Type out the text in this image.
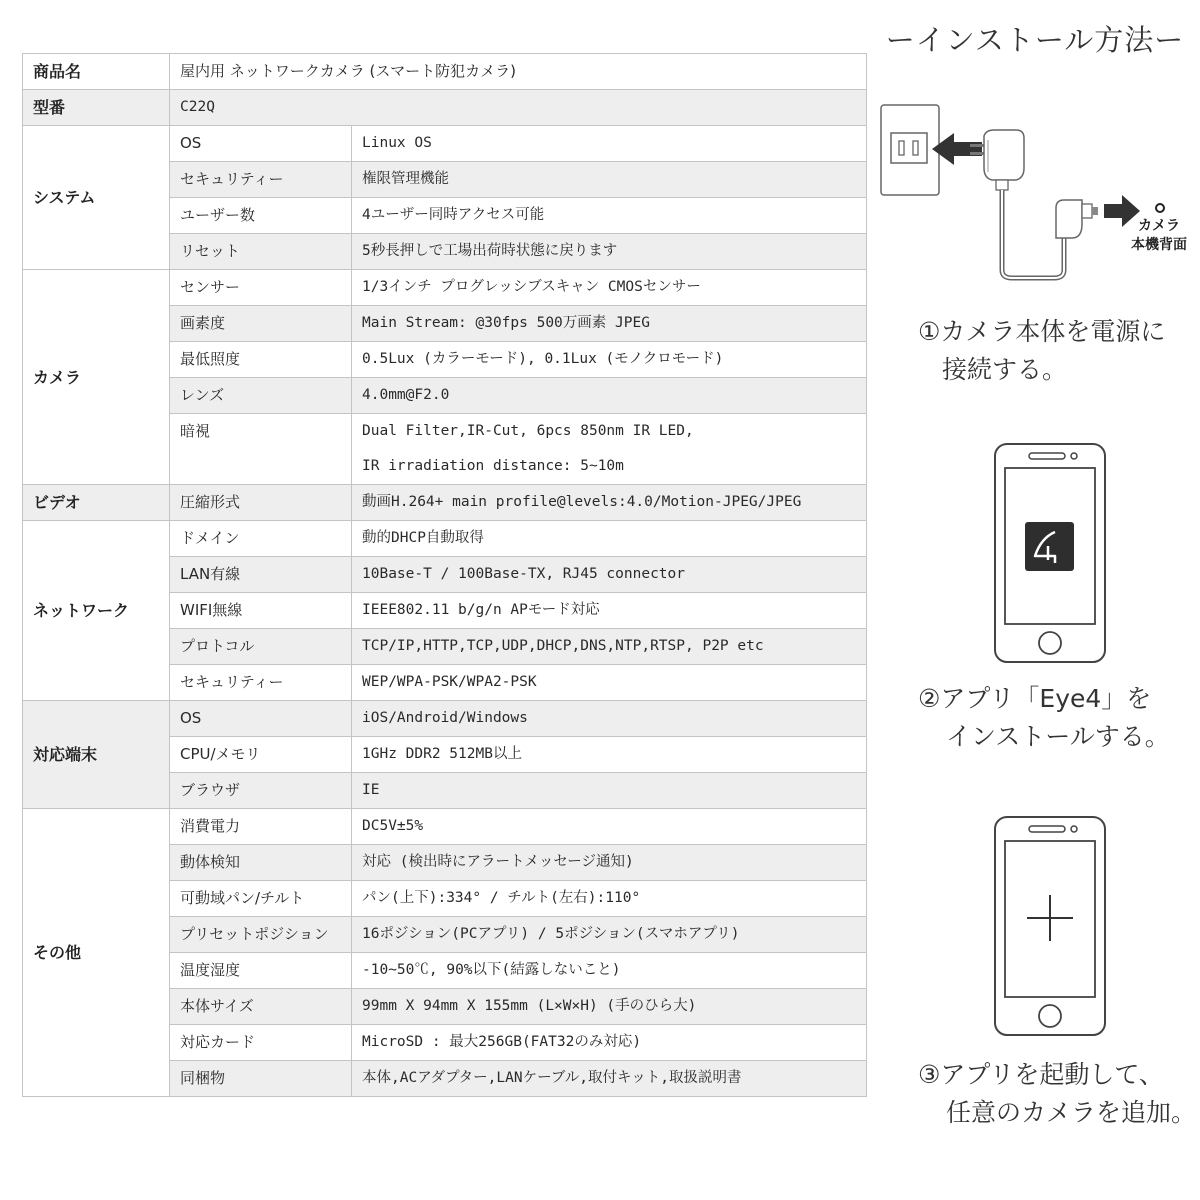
商品名	屋内用 ネットワークカメラ (スマート防犯カメラ)	
型番	C22Q	
システム	OS	Linux OS
	セキュリティー	権限管理機能
	ユーザー数	4ユーザー同時アクセス可能
	リセット	5秒長押しで工場出荷時状態に戻ります
カメラ	センサー	1/3インチ プログレッシブスキャン CMOSセンサー
	画素度	Main Stream: @30fps 500万画素 JPEG
	最低照度	0.5Lux (カラーモード), 0.1Lux (モノクロモード)
	レンズ	4.0mm@F2.0
	暗視	Dual Filter,IR-Cut, 6pcs 850nm IR LED,
		IR irradiation distance: 5~10m
ビデオ	圧縮形式	動画H.264+ main profile@levels:4.0/Motion-JPEG/JPEG
ネットワーク	ドメイン	動的DHCP自動取得
	LAN有線	10Base-T / 100Base-TX, RJ45 connector
	WIFI無線	IEEE802.11 b/g/n APモード対応
	プロトコル	TCP/IP,HTTP,TCP,UDP,DHCP,DNS,NTP,RTSP, P2P etc
	セキュリティー	WEP/WPA-PSK/WPA2-PSK
対応端末	OS	iOS/Android/Windows
	CPU/メモリ	1GHz DDR2 512MB以上
	ブラウザ	IE
その他	消費電力	DC5V±5%
	動体検知	対応 (検出時にアラートメッセージ通知)
	可動域パン/チルト	パン(上下):334° / チルト(左右):110°
	プリセットポジション	16ポジション(PCアプリ) / 5ポジション(スマホアプリ)
	温度湿度	-10~50℃, 90%以下(結露しないこと)
	本体サイズ	99mm X 94mm X 155mm (L×W×H) (手のひら大)
	対応カード	MicroSD : 最大256GB(FAT32のみ対応)
	同梱物	本体,ACアダプター,LANケーブル,取付キット,取扱説明書
ーインストール方法ー
カメラ
本機背面
①カメラ本体を電源に
接続する。
②アプリ「Eye4」を
インストールする。
③アプリを起動して、
任意のカメラを追加。
